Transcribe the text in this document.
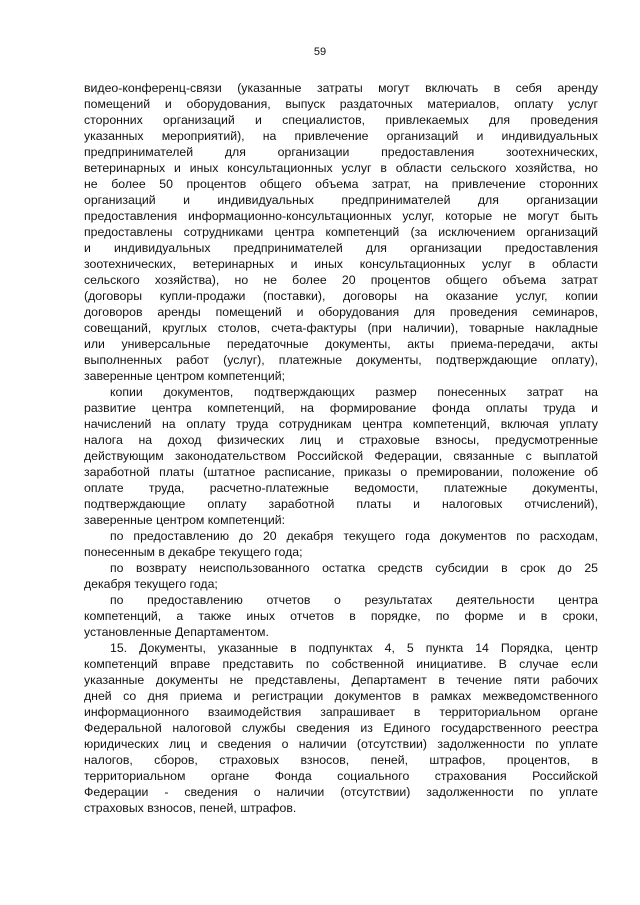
59
видео-конференц-связи (указанные затраты могут включать в себя аренду
помещений и оборудования, выпуск раздаточных материалов, оплату услуг
сторонних организаций и специалистов, привлекаемых для проведения
указанных мероприятий), на привлечение организаций и индивидуальных
предпринимателей для организации предоставления зоотехнических,
ветеринарных и иных консультационных услуг в области сельского хозяйства, но
не более 50 процентов общего объема затрат, на привлечение сторонних
организаций и индивидуальных предпринимателей для организации
предоставления информационно-консультационных услуг, которые не могут быть
предоставлены сотрудниками центра компетенций (за исключением организаций
и индивидуальных предпринимателей для организации предоставления
зоотехнических, ветеринарных и иных консультационных услуг в области
сельского хозяйства), но не более 20 процентов общего объема затрат
(договоры купли-продажи (поставки), договоры на оказание услуг, копии
договоров аренды помещений и оборудования для проведения семинаров,
совещаний, круглых столов, счета-фактуры (при наличии), товарные накладные
или универсальные передаточные документы, акты приема-передачи, акты
выполненных работ (услуг), платежные документы, подтверждающие оплату),
заверенные центром компетенций;
копии документов, подтверждающих размер понесенных затрат на
развитие центра компетенций, на формирование фонда оплаты труда и
начислений на оплату труда сотрудникам центра компетенций, включая уплату
налога на доход физических лиц и страховые взносы, предусмотренные
действующим законодательством Российской Федерации, связанные с выплатой
заработной платы (штатное расписание, приказы о премировании, положение об
оплате труда, расчетно-платежные ведомости, платежные документы,
подтверждающие оплату заработной платы и налоговых отчислений),
заверенные центром компетенций:
по предоставлению до 20 декабря текущего года документов по расходам,
понесенным в декабре текущего года;
по возврату неиспользованного остатка средств субсидии в срок до 25
декабря текущего года;
по предоставлению отчетов о результатах деятельности центра
компетенций, а также иных отчетов в порядке, по форме и в сроки,
установленные Департаментом.
15. Документы, указанные в подпунктах 4, 5 пункта 14 Порядка, центр
компетенций вправе представить по собственной инициативе. В случае если
указанные документы не представлены, Департамент в течение пяти рабочих
дней со дня приема и регистрации документов в рамках межведомственного
информационного взаимодействия запрашивает в территориальном органе
Федеральной налоговой службы сведения из Единого государственного реестра
юридических лиц и сведения о наличии (отсутствии) задолженности по уплате
налогов, сборов, страховых взносов, пеней, штрафов, процентов, в
территориальном органе Фонда социального страхования Российской
Федерации - сведения о наличии (отсутствии) задолженности по уплате
страховых взносов, пеней, штрафов.
